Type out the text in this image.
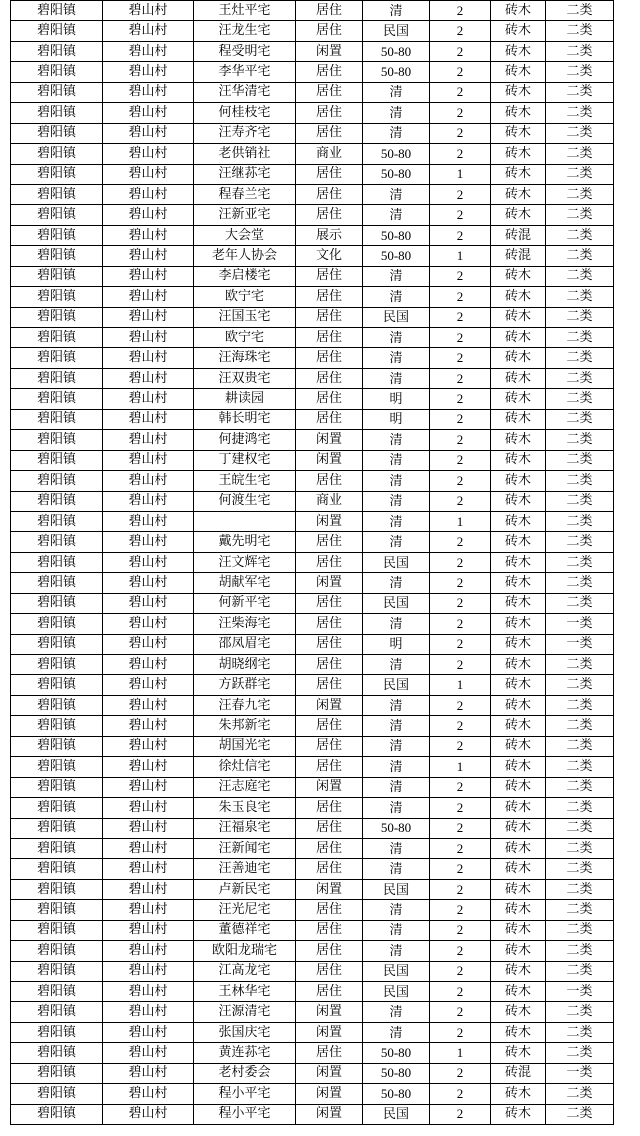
碧阳镇	碧山村	王灶平宅	居住	清	2	砖木	二类
碧阳镇	碧山村	汪龙生宅	居住	民国	2	砖木	二类
碧阳镇	碧山村	程受明宅	闲置	50-80	2	砖木	二类
碧阳镇	碧山村	李华平宅	居住	50-80	2	砖木	二类
碧阳镇	碧山村	汪华清宅	居住	清	2	砖木	二类
碧阳镇	碧山村	何桂枝宅	居住	清	2	砖木	二类
碧阳镇	碧山村	汪寿齐宅	居住	清	2	砖木	二类
碧阳镇	碧山村	老供销社	商业	50-80	2	砖木	二类
碧阳镇	碧山村	汪继荪宅	居住	50-80	1	砖木	二类
碧阳镇	碧山村	程春兰宅	居住	清	2	砖木	二类
碧阳镇	碧山村	汪新亚宅	居住	清	2	砖木	二类
碧阳镇	碧山村	大会堂	展示	50-80	2	砖混	二类
碧阳镇	碧山村	老年人协会	文化	50-80	1	砖混	二类
碧阳镇	碧山村	李启楼宅	居住	清	2	砖木	二类
碧阳镇	碧山村	欧宁宅	居住	清	2	砖木	二类
碧阳镇	碧山村	汪国玉宅	居住	民国	2	砖木	二类
碧阳镇	碧山村	欧宁宅	居住	清	2	砖木	二类
碧阳镇	碧山村	汪海珠宅	居住	清	2	砖木	二类
碧阳镇	碧山村	汪双贵宅	居住	清	2	砖木	二类
碧阳镇	碧山村	耕读园	居住	明	2	砖木	二类
碧阳镇	碧山村	韩长明宅	居住	明	2	砖木	二类
碧阳镇	碧山村	何捷鸿宅	闲置	清	2	砖木	二类
碧阳镇	碧山村	丁建权宅	闲置	清	2	砖木	二类
碧阳镇	碧山村	王皖生宅	居住	清	2	砖木	二类
碧阳镇	碧山村	何渡生宅	商业	清	2	砖木	二类
碧阳镇	碧山村		闲置	清	1	砖木	二类
碧阳镇	碧山村	戴先明宅	居住	清	2	砖木	二类
碧阳镇	碧山村	汪文辉宅	居住	民国	2	砖木	二类
碧阳镇	碧山村	胡献军宅	闲置	清	2	砖木	二类
碧阳镇	碧山村	何新平宅	居住	民国	2	砖木	二类
碧阳镇	碧山村	汪柴海宅	居住	清	2	砖木	一类
碧阳镇	碧山村	邵凤眉宅	居住	明	2	砖木	一类
碧阳镇	碧山村	胡晓纲宅	居住	清	2	砖木	二类
碧阳镇	碧山村	方跃群宅	居住	民国	1	砖木	二类
碧阳镇	碧山村	汪春九宅	闲置	清	2	砖木	二类
碧阳镇	碧山村	朱邦新宅	居住	清	2	砖木	二类
碧阳镇	碧山村	胡国光宅	居住	清	2	砖木	二类
碧阳镇	碧山村	徐灶信宅	居住	清	1	砖木	二类
碧阳镇	碧山村	汪志庭宅	闲置	清	2	砖木	二类
碧阳镇	碧山村	朱玉良宅	居住	清	2	砖木	二类
碧阳镇	碧山村	汪福泉宅	居住	50-80	2	砖木	二类
碧阳镇	碧山村	汪新闻宅	居住	清	2	砖木	二类
碧阳镇	碧山村	汪善迪宅	居住	清	2	砖木	二类
碧阳镇	碧山村	卢新民宅	闲置	民国	2	砖木	二类
碧阳镇	碧山村	汪光尼宅	居住	清	2	砖木	二类
碧阳镇	碧山村	董德祥宅	居住	清	2	砖木	二类
碧阳镇	碧山村	欧阳龙瑞宅	居住	清	2	砖木	二类
碧阳镇	碧山村	江高龙宅	居住	民国	2	砖木	二类
碧阳镇	碧山村	王林华宅	居住	民国	2	砖木	一类
碧阳镇	碧山村	汪源清宅	闲置	清	2	砖木	二类
碧阳镇	碧山村	张国庆宅	闲置	清	2	砖木	二类
碧阳镇	碧山村	黄连荪宅	居住	50-80	1	砖木	二类
碧阳镇	碧山村	老村委会	闲置	50-80	2	砖混	一类
碧阳镇	碧山村	程小平宅	闲置	50-80	2	砖木	二类
碧阳镇	碧山村	程小平宅	闲置	民国	2	砖木	二类
